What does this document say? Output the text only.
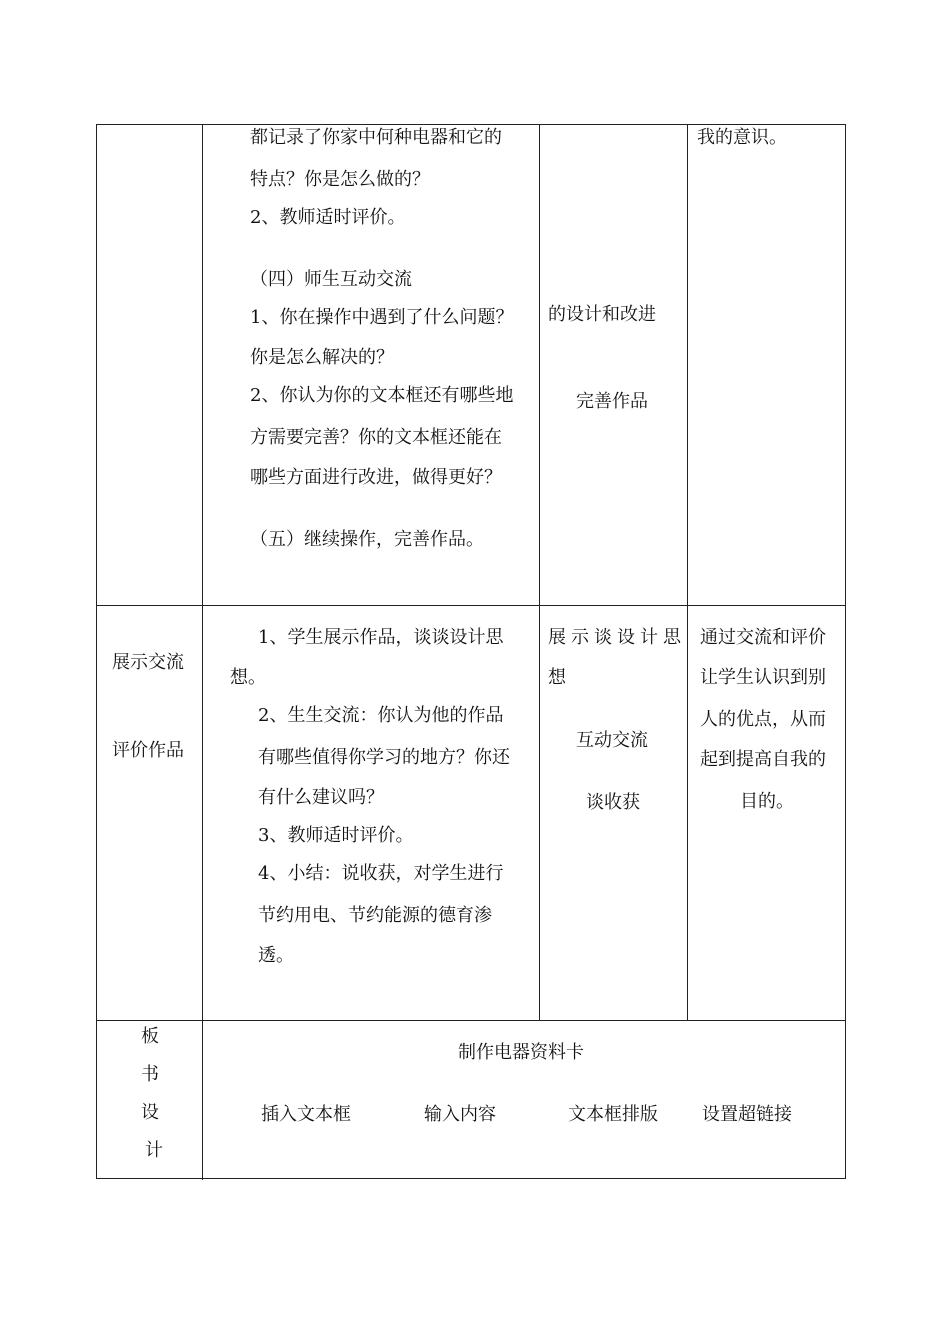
都记录了你家中何种电器和它的
特点？你是怎么做的？
2、教师适时评价。
（四）师生互动交流
1、你在操作中遇到了什么问题？
你是怎么解决的？
2、你认为你的文本框还有哪些地
方需要完善？你的文本框还能在
哪些方面进行改进，做得更好？
（五）继续操作，完善作品。
的设计和改进
完善作品
我的意识。
展示交流
评价作品
1、学生展示作品，谈谈设计思
想。
2、生生交流：你认为他的作品
有哪些值得你学习的地方？你还
有什么建议吗？
3、教师适时评价。
4、小结：说收获，对学生进行
节约用电、节约能源的德育渗
透。
展示谈设计思
想
互动交流
谈收获
通过交流和评价
让学生认识到别
人的优点，从而
起到提高自我的
目的。
板
书
设
计
制作电器资料卡
插入文本框	输入内容	文本框排版 设置超链接
